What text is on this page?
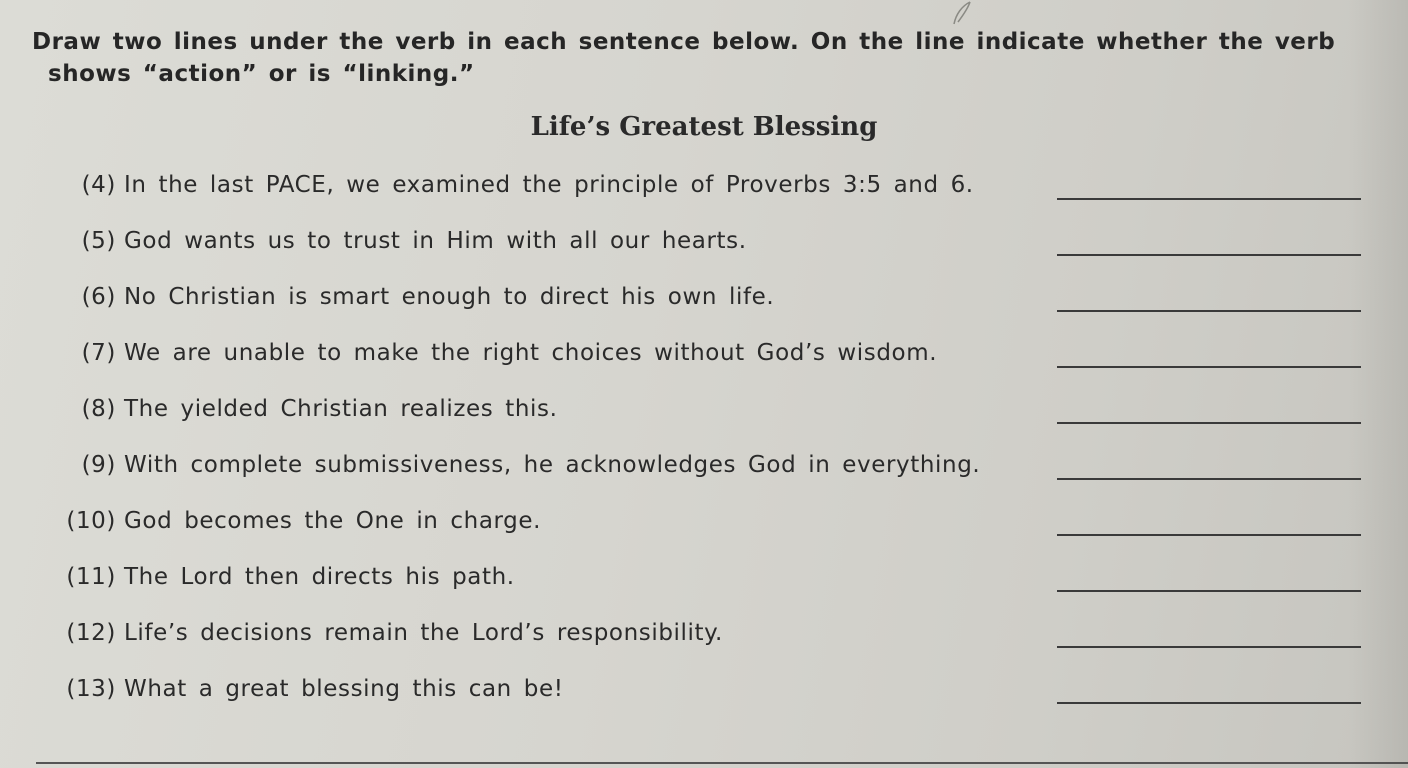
Draw two lines under the verb in each sentence below. On the line indicate whether the verb
shows “action” or is “linking.”
Life’s Greatest Blessing
(4) In the last PACE, we examined the principle of Proverbs 3:5 and 6.
(5) God wants us to trust in Him with all our hearts.
(6) No Christian is smart enough to direct his own life.
(7) We are unable to make the right choices without God’s wisdom.
(8) The yielded Christian realizes this.
(9) With complete submissiveness, he acknowledges God in everything.
(10) God becomes the One in charge.
(11) The Lord then directs his path.
(12) Life’s decisions remain the Lord’s responsibility.
(13) What a great blessing this can be!
